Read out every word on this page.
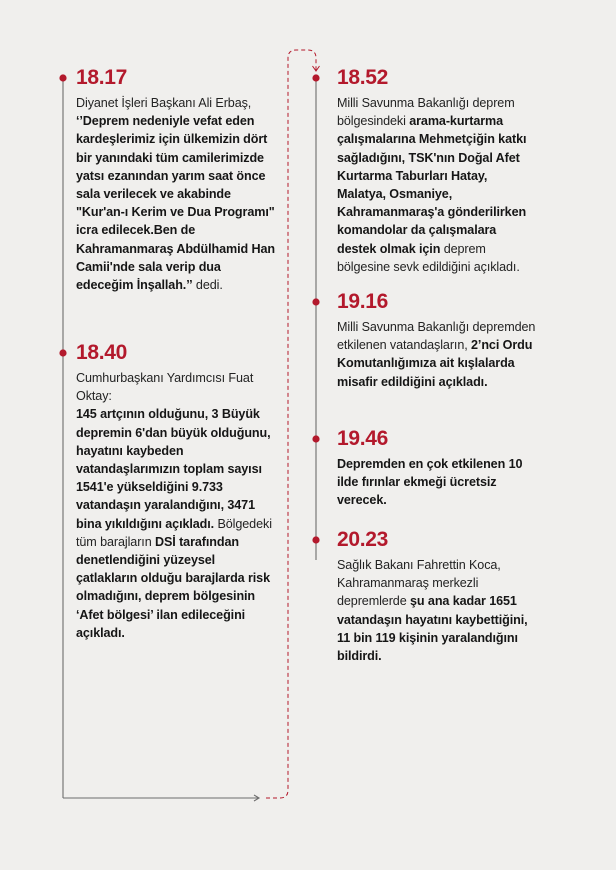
18.17
Diyanet İşleri Başkanı Ali Erbaş,
‘’Deprem nedeniyle vefat eden kardeşlerimiz için ülkemizin dört bir yanındaki tüm camilerimizde yatsı ezanından yarım saat önce sala verilecek ve akabinde "Kur'an-ı Kerim ve Dua Programı" icra edilecek.Ben de Kahramanmaraş Abdülhamid Han Camii'nde sala verip dua edeceğim İnşallah.’’ dedi.
18.40
Cumhurbaşkanı Yardımcısı Fuat Oktay:
145 artçının olduğunu, 3 Büyük depremin 6'dan büyük olduğunu, hayatını kaybeden vatandaşlarımızın toplam sayısı 1541'e yükseldiğini 9.733 vatandaşın yaralandığını, 3471 bina yıkıldığını açıkladı. Bölgedeki tüm barajların DSİ tarafından denetlendiğini yüzeysel çatlakların olduğu barajlarda risk olmadığını, deprem bölgesinin ‘Afet bölgesi’ ilan edileceğini açıkladı.
18.52
Milli Savunma Bakanlığı deprem bölgesindeki arama-kurtarma çalışmalarına Mehmetçiğin katkı sağladığını, TSK'nın Doğal Afet Kurtarma Taburları Hatay, Malatya, Osmaniye, Kahramanmaraş'a gönderilirken komandolar da çalışmalara destek olmak için deprem bölgesine sevk edildiğini açıkladı.
19.16
Milli Savunma Bakanlığı depremden etkilenen vatandaşların, 2’nci Ordu Komutanlığımıza ait kışlalarda misafir edildiğini açıkladı.
19.46
Depremden en çok etkilenen 10 ilde fırınlar ekmeği ücretsiz verecek.
20.23
Sağlık Bakanı Fahrettin Koca, Kahramanmaraş merkezli depremlerde şu ana kadar 1651 vatandaşın hayatını kaybettiğini, 11 bin 119 kişinin yaralandığını bildirdi.
